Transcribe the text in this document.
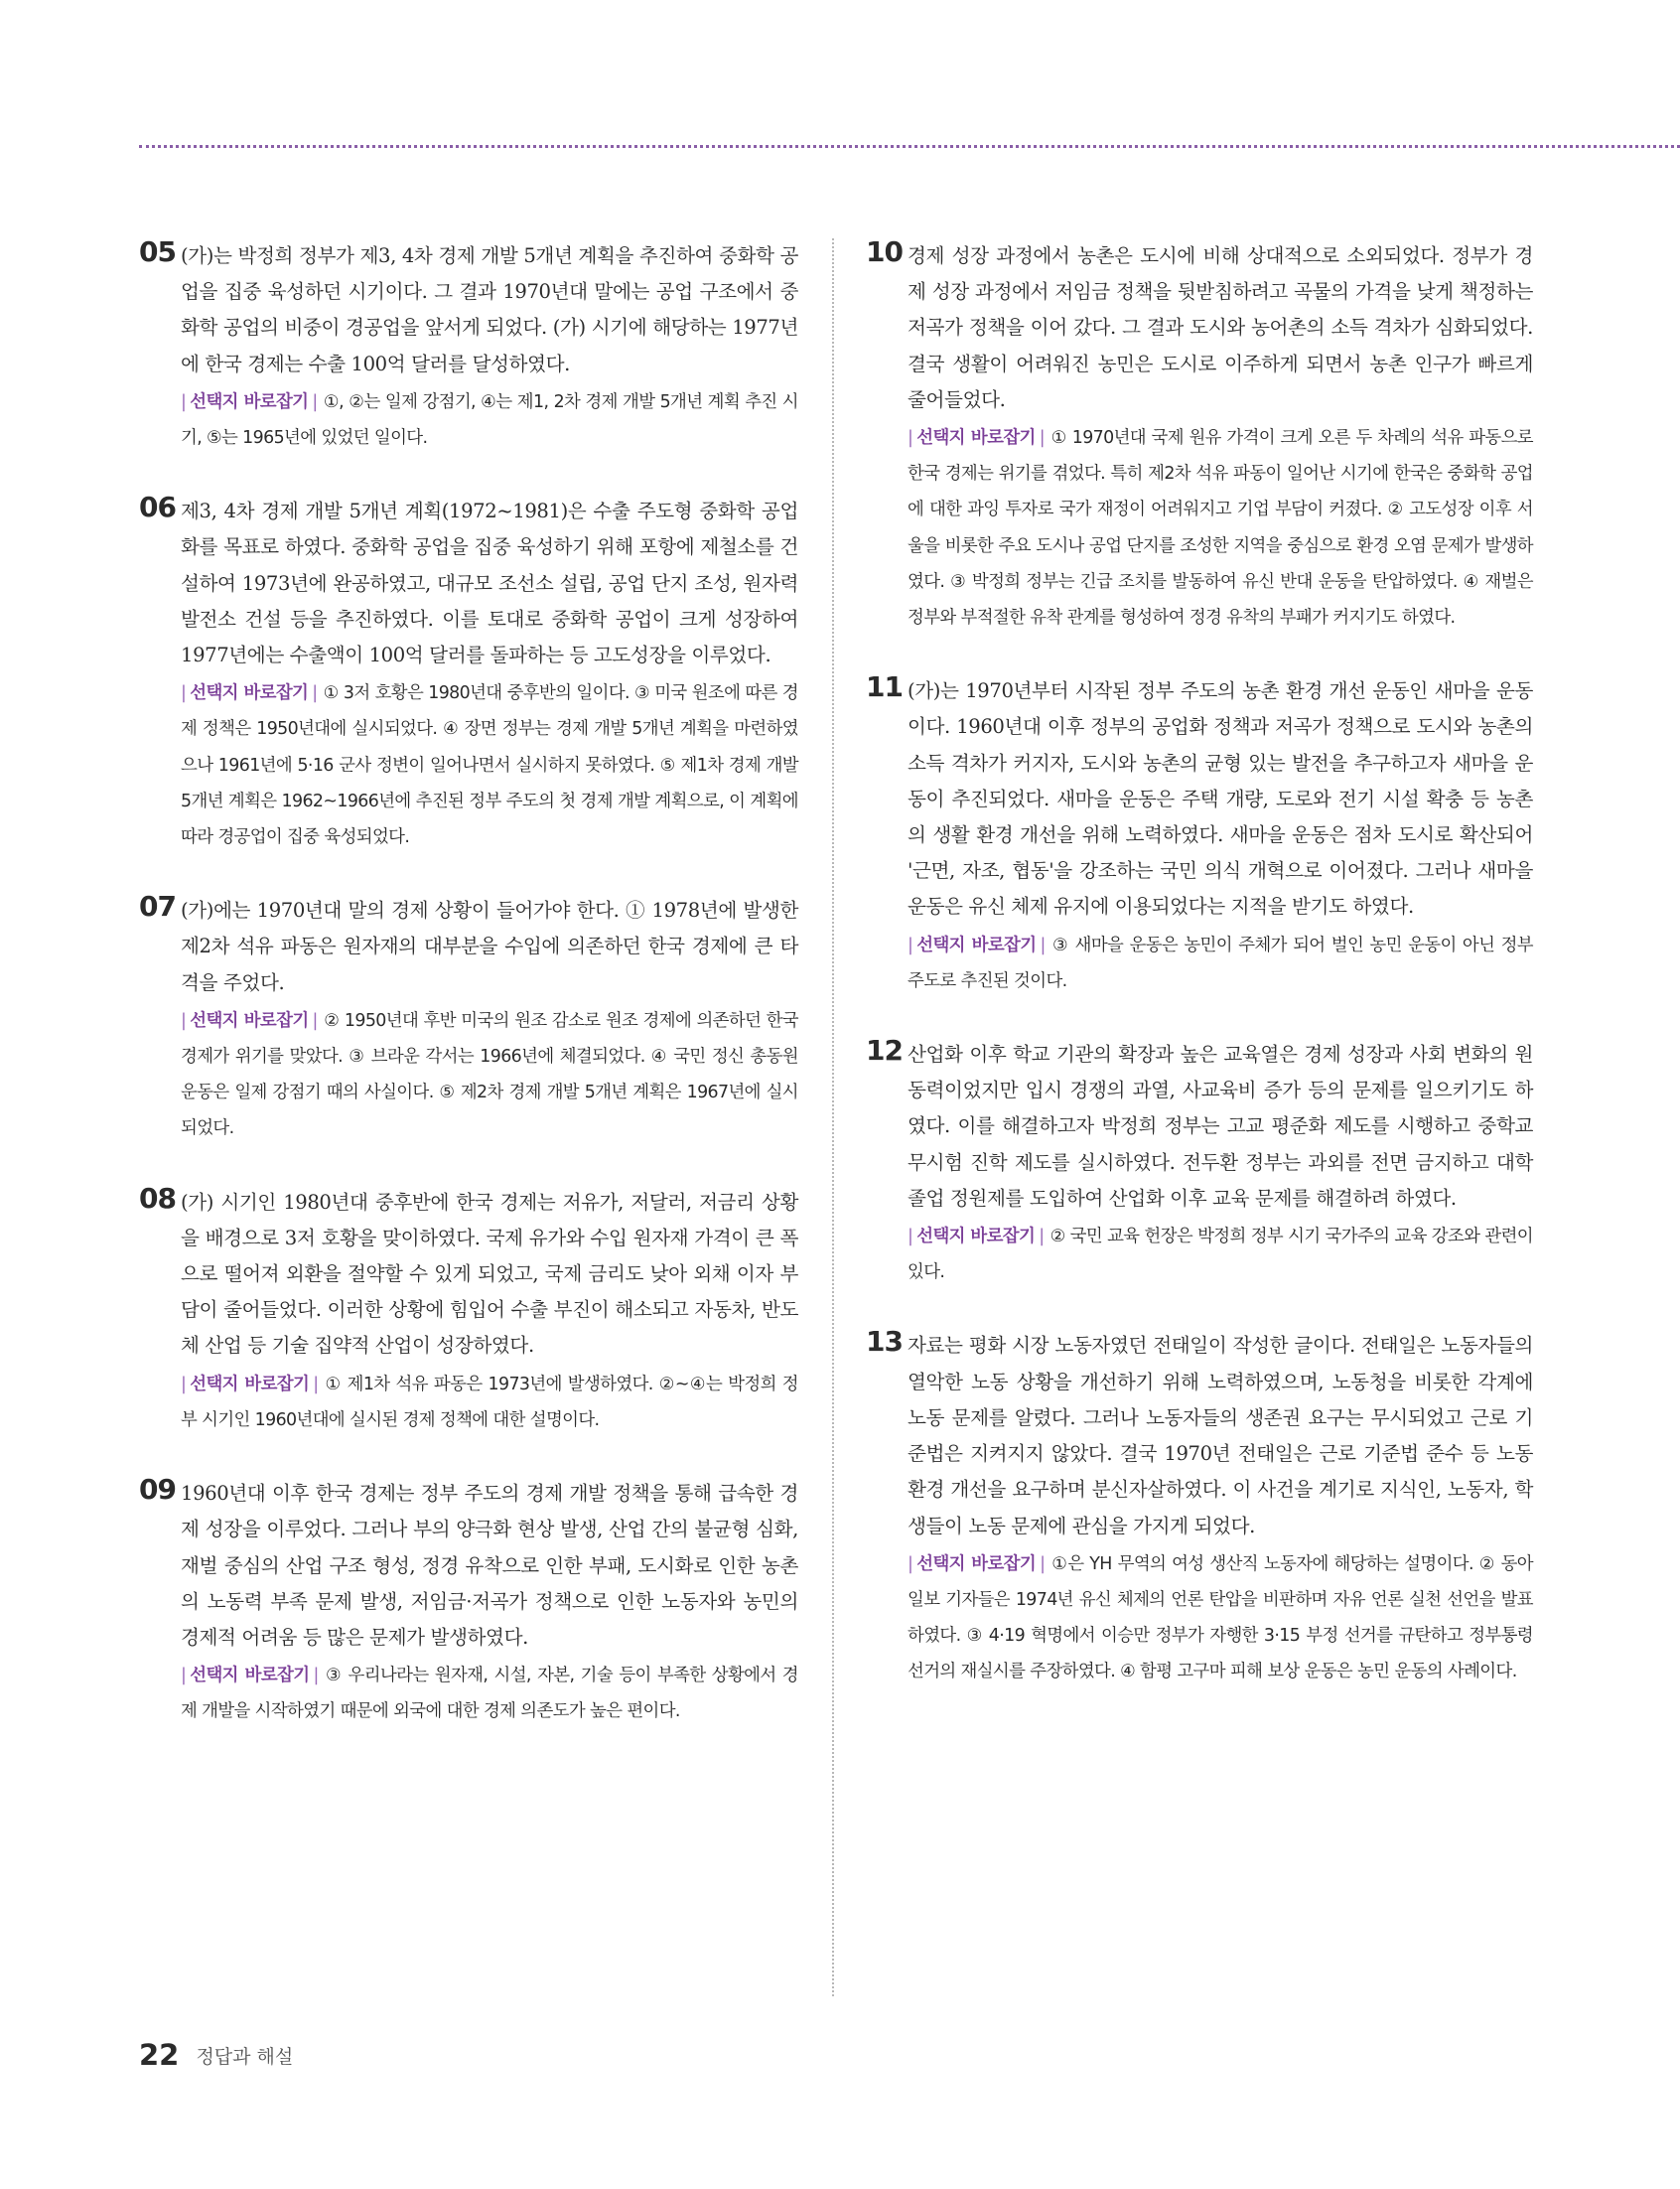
05 (가)는 박정희 정부가 제3, 4차 경제 개발 5개년 계획을 추진하여 중화학 공업을 집중 육성하던 시기이다. 그 결과 1970년대 말에는 공업 구조에서 중화학 공업의 비중이 경공업을 앞서게 되었다. (가) 시기에 해당하는 1977년에 한국 경제는 수출 100억 달러를 달성하였다.
| 선택지 바로잡기 | ①, ②는 일제 강점기, ④는 제1, 2차 경제 개발 5개년 계획 추진 시기, ⑤는 1965년에 있었던 일이다.
06 제3, 4차 경제 개발 5개년 계획(1972~1981)은 수출 주도형 중화학 공업화를 목표로 하였다. 중화학 공업을 집중 육성하기 위해 포항에 제철소를 건설하여 1973년에 완공하였고, 대규모 조선소 설립, 공업 단지 조성, 원자력 발전소 건설 등을 추진하였다. 이를 토대로 중화학 공업이 크게 성장하여 1977년에는 수출액이 100억 달러를 돌파하는 등 고도성장을 이루었다.
| 선택지 바로잡기 | ① 3저 호황은 1980년대 중후반의 일이다. ③ 미국 원조에 따른 경제 정책은 1950년대에 실시되었다. ④ 장면 정부는 경제 개발 5개년 계획을 마련하였으나 1961년에 5·16 군사 정변이 일어나면서 실시하지 못하였다. ⑤ 제1차 경제 개발 5개년 계획은 1962~1966년에 추진된 정부 주도의 첫 경제 개발 계획으로, 이 계획에 따라 경공업이 집중 육성되었다.
07 (가)에는 1970년대 말의 경제 상황이 들어가야 한다. ① 1978년에 발생한 제2차 석유 파동은 원자재의 대부분을 수입에 의존하던 한국 경제에 큰 타격을 주었다.
| 선택지 바로잡기 | ② 1950년대 후반 미국의 원조 감소로 원조 경제에 의존하던 한국 경제가 위기를 맞았다. ③ 브라운 각서는 1966년에 체결되었다. ④ 국민 정신 총동원 운동은 일제 강점기 때의 사실이다. ⑤ 제2차 경제 개발 5개년 계획은 1967년에 실시되었다.
08 (가) 시기인 1980년대 중후반에 한국 경제는 저유가, 저달러, 저금리 상황을 배경으로 3저 호황을 맞이하였다. 국제 유가와 수입 원자재 가격이 큰 폭으로 떨어져 외환을 절약할 수 있게 되었고, 국제 금리도 낮아 외채 이자 부담이 줄어들었다. 이러한 상황에 힘입어 수출 부진이 해소되고 자동차, 반도체 산업 등 기술 집약적 산업이 성장하였다.
| 선택지 바로잡기 | ① 제1차 석유 파동은 1973년에 발생하였다. ②~④는 박정희 정부 시기인 1960년대에 실시된 경제 정책에 대한 설명이다.
09 1960년대 이후 한국 경제는 정부 주도의 경제 개발 정책을 통해 급속한 경제 성장을 이루었다. 그러나 부의 양극화 현상 발생, 산업 간의 불균형 심화, 재벌 중심의 산업 구조 형성, 정경 유착으로 인한 부패, 도시화로 인한 농촌의 노동력 부족 문제 발생, 저임금·저곡가 정책으로 인한 노동자와 농민의 경제적 어려움 등 많은 문제가 발생하였다.
| 선택지 바로잡기 | ③ 우리나라는 원자재, 시설, 자본, 기술 등이 부족한 상황에서 경제 개발을 시작하였기 때문에 외국에 대한 경제 의존도가 높은 편이다.
10 경제 성장 과정에서 농촌은 도시에 비해 상대적으로 소외되었다. 정부가 경제 성장 과정에서 저임금 정책을 뒷받침하려고 곡물의 가격을 낮게 책정하는 저곡가 정책을 이어 갔다. 그 결과 도시와 농어촌의 소득 격차가 심화되었다. 결국 생활이 어려워진 농민은 도시로 이주하게 되면서 농촌 인구가 빠르게 줄어들었다.
| 선택지 바로잡기 | ① 1970년대 국제 원유 가격이 크게 오른 두 차례의 석유 파동으로 한국 경제는 위기를 겪었다. 특히 제2차 석유 파동이 일어난 시기에 한국은 중화학 공업에 대한 과잉 투자로 국가 재정이 어려워지고 기업 부담이 커졌다. ② 고도성장 이후 서울을 비롯한 주요 도시나 공업 단지를 조성한 지역을 중심으로 환경 오염 문제가 발생하였다. ③ 박정희 정부는 긴급 조치를 발동하여 유신 반대 운동을 탄압하였다. ④ 재벌은 정부와 부적절한 유착 관계를 형성하여 정경 유착의 부패가 커지기도 하였다.
11 (가)는 1970년부터 시작된 정부 주도의 농촌 환경 개선 운동인 새마을 운동이다. 1960년대 이후 정부의 공업화 정책과 저곡가 정책으로 도시와 농촌의 소득 격차가 커지자, 도시와 농촌의 균형 있는 발전을 추구하고자 새마을 운동이 추진되었다. 새마을 운동은 주택 개량, 도로와 전기 시설 확충 등 농촌의 생활 환경 개선을 위해 노력하였다. 새마을 운동은 점차 도시로 확산되어 '근면, 자조, 협동'을 강조하는 국민 의식 개혁으로 이어졌다. 그러나 새마을 운동은 유신 체제 유지에 이용되었다는 지적을 받기도 하였다.
| 선택지 바로잡기 | ③ 새마을 운동은 농민이 주체가 되어 벌인 농민 운동이 아닌 정부 주도로 추진된 것이다.
12 산업화 이후 학교 기관의 확장과 높은 교육열은 경제 성장과 사회 변화의 원동력이었지만 입시 경쟁의 과열, 사교육비 증가 등의 문제를 일으키기도 하였다. 이를 해결하고자 박정희 정부는 고교 평준화 제도를 시행하고 중학교 무시험 진학 제도를 실시하였다. 전두환 정부는 과외를 전면 금지하고 대학 졸업 정원제를 도입하여 산업화 이후 교육 문제를 해결하려 하였다.
| 선택지 바로잡기 | ② 국민 교육 헌장은 박정희 정부 시기 국가주의 교육 강조와 관련이 있다.
13 자료는 평화 시장 노동자였던 전태일이 작성한 글이다. 전태일은 노동자들의 열악한 노동 상황을 개선하기 위해 노력하였으며, 노동청을 비롯한 각계에 노동 문제를 알렸다. 그러나 노동자들의 생존권 요구는 무시되었고 근로 기준법은 지켜지지 않았다. 결국 1970년 전태일은 근로 기준법 준수 등 노동 환경 개선을 요구하며 분신자살하였다. 이 사건을 계기로 지식인, 노동자, 학생들이 노동 문제에 관심을 가지게 되었다.
| 선택지 바로잡기 | ①은 YH 무역의 여성 생산직 노동자에 해당하는 설명이다. ② 동아일보 기자들은 1974년 유신 체제의 언론 탄압을 비판하며 자유 언론 실천 선언을 발표하였다. ③ 4·19 혁명에서 이승만 정부가 자행한 3·15 부정 선거를 규탄하고 정부통령 선거의 재실시를 주장하였다. ④ 함평 고구마 피해 보상 운동은 농민 운동의 사례이다.
22 정답과 해설
